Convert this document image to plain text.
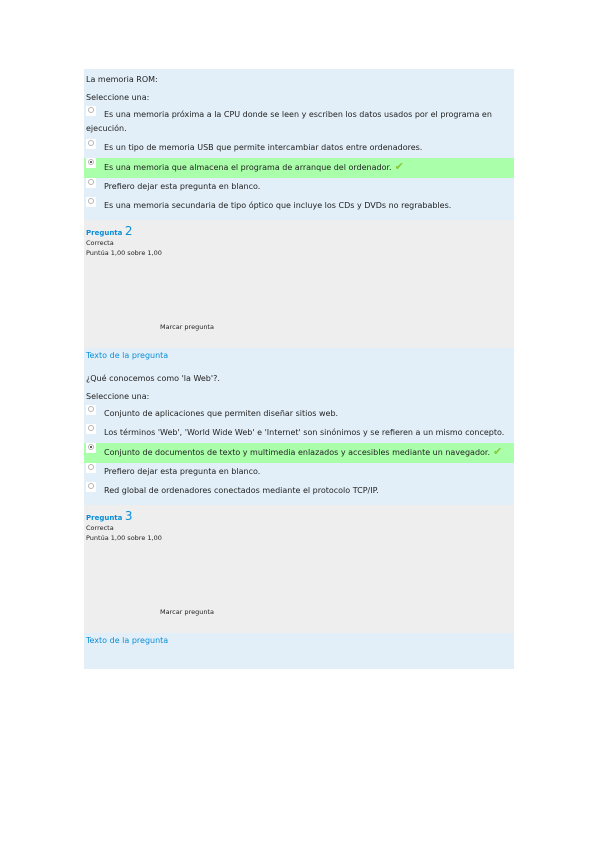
La memoria ROM:
Seleccione una:
Es una memoria próxima a la CPU donde se leen y escriben los datos usados por el programa en ejecución.
Es un tipo de memoria USB que permite intercambiar datos entre ordenadores.
Es una memoria que almacena el programa de arranque del ordenador. ✔
Prefiero dejar esta pregunta en blanco.
Es una memoria secundaria de tipo óptico que incluye los CDs y DVDs no regrabables.
Pregunta 2
Correcta
Puntúa 1,00 sobre 1,00
Marcar pregunta
Texto de la pregunta
¿Qué conocemos como 'la Web'?.
Seleccione una:
Conjunto de aplicaciones que permiten diseñar sitios web.
Los términos 'Web', 'World Wide Web' e 'Internet' son sinónimos y se refieren a un mismo concepto.
Conjunto de documentos de texto y multimedia enlazados y accesibles mediante un navegador. ✔
Prefiero dejar esta pregunta en blanco.
Red global de ordenadores conectados mediante el protocolo TCP/IP.
Pregunta 3
Correcta
Puntúa 1,00 sobre 1,00
Marcar pregunta
Texto de la pregunta
